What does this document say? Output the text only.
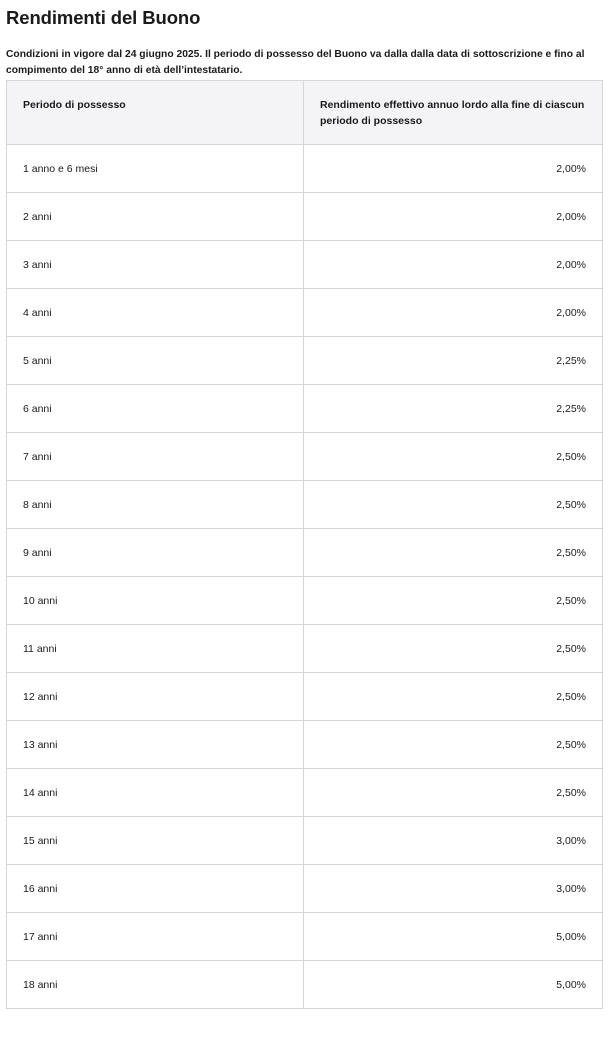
Rendimenti del Buono

Condizioni in vigore dal 24 giugno 2025. Il periodo di possesso del Buono va dalla dalla data di sottoscrizione e fino al compimento del 18° anno di età dell’intestatario.

Periodo di possesso	Rendimento effettivo annuo lordo alla fine di ciascun periodo di possesso
1 anno e 6 mesi	2,00%
2 anni	2,00%
3 anni	2,00%
4 anni	2,00%
5 anni	2,25%
6 anni	2,25%
7 anni	2,50%
8 anni	2,50%
9 anni	2,50%
10 anni	2,50%
11 anni	2,50%
12 anni	2,50%
13 anni	2,50%
14 anni	2,50%
15 anni	3,00%
16 anni	3,00%
17 anni	5,00%
18 anni	5,00%
